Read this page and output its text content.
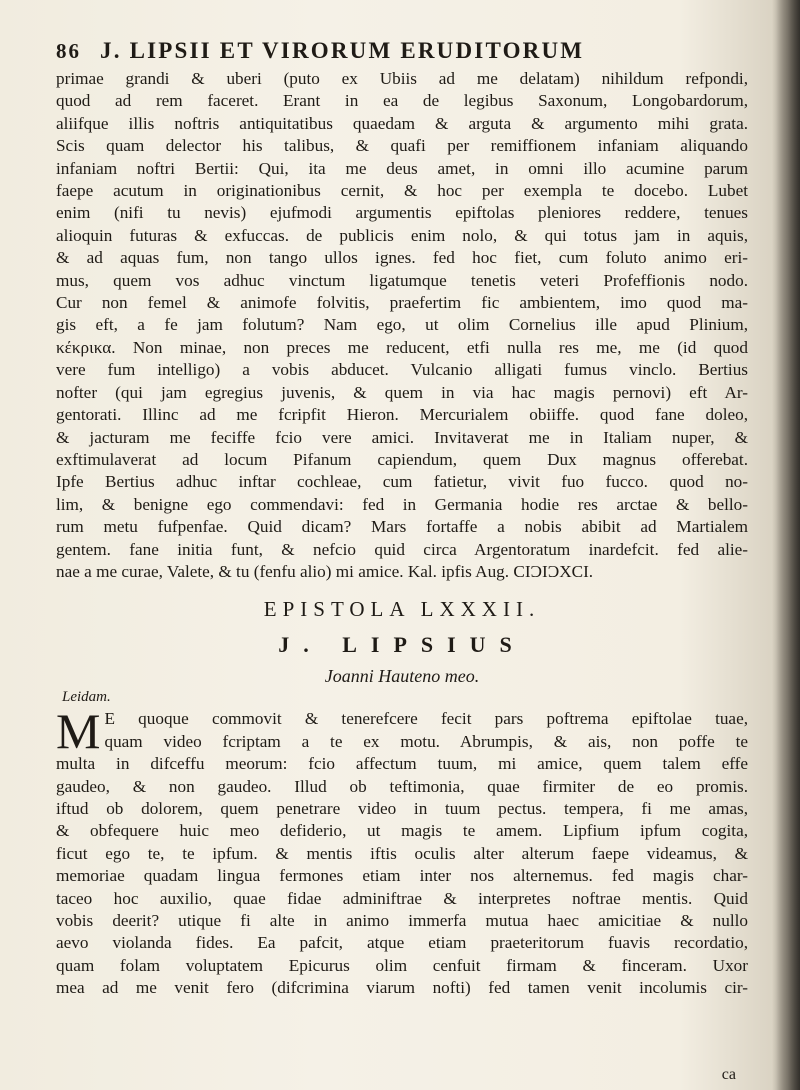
86 J. LIPSII ET VIRORUM ERUDITORUM
primae grandi & uberi (puto ex Ubiis ad me delatam) nihildum refpondi,
quod ad rem faceret. Erant in ea de legibus Saxonum, Longobardorum,
aliifque illis noftris antiquitatibus quaedam & arguta & argumento mihi grata.
Scis quam delector his talibus, & quafi per remiffionem infaniam aliquando
infaniam noftri Bertii: Qui, ita me deus amet, in omni illo acumine parum
faepe acutum in originationibus cernit, & hoc per exempla te docebo. Lubet
enim (nifi tu nevis) ejufmodi argumentis epiftolas pleniores reddere, tenues
alioquin futuras & exfuccas. de publicis enim nolo, & qui totus jam in aquis,
& ad aquas fum, non tango ullos ignes. fed hoc fiet, cum foluto animo eri-
mus, quem vos adhuc vinctum ligatumque tenetis veteri Profeffionis nodo.
Cur non femel & animofe folvitis, praefertim fic ambientem, imo quod ma-
gis eft, a fe jam folutum? Nam ego, ut olim Cornelius ille apud Plinium,
κέκρικα. Non minae, non preces me reducent, etfi nulla res me, me (id quod
vere fum intelligo) a vobis abducet. Vulcanio alligati fumus vinclo. Bertius
nofter (qui jam egregius juvenis, & quem in via hac magis pernovi) eft Ar-
gentorati. Illinc ad me fcripfit Hieron. Mercurialem obiiffe. quod fane doleo,
& jacturam me feciffe fcio vere amici. Invitaverat me in Italiam nuper, &
exftimulaverat ad locum Pifanum capiendum, quem Dux magnus offerebat.
Ipfe Bertius adhuc inftar cochleae, cum fatietur, vivit fuo fucco. quod no-
lim, & benigne ego commendavi: fed in Germania hodie res arctae & bello-
rum metu fufpenfae. Quid dicam? Mars fortaffe a nobis abibit ad Martialem
gentem. fane initia funt, & nefcio quid circa Argentoratum inardefcit. fed alie-
nae a me curae, Valete, & tu (fenfu alio) mi amice. Kal. ipfis Aug. CIƆIƆXCI.
EPISTOLA LXXXII.
J. LIPSIUS
Joanni Hauteno meo.
Leidam.
M E quoque commovit & tenerefcere fecit pars poftrema epiftolae tuae,
quam video fcriptam a te ex motu. Abrumpis, & ais, non poffe te
multa in difceffu meorum: fcio affectum tuum, mi amice, quem talem effe
gaudeo, & non gaudeo. Illud ob teftimonia, quae firmiter de eo promis.
iftud ob dolorem, quem penetrare video in tuum pectus. tempera, fi me amas,
& obfequere huic meo defiderio, ut magis te amem. Lipfium ipfum cogita,
ficut ego te, te ipfum. & mentis iftis oculis alter alterum faepe videamus, &
memoriae quadam lingua fermones etiam inter nos alternemus. fed magis char-
taceo hoc auxilio, quae fidae adminiftrae & interpretes noftrae mentis. Quid
vobis deerit? utique fi alte in animo immerfa mutua haec amicitiae & nullo
aevo violanda fides. Ea pafcit, atque etiam praeteritorum fuavis recordatio,
quam folam voluptatem Epicurus olim cenfuit firmam & finceram. Uxor
mea ad me venit fero (difcrimina viarum nofti) fed tamen venit incolumis cir-
ca
